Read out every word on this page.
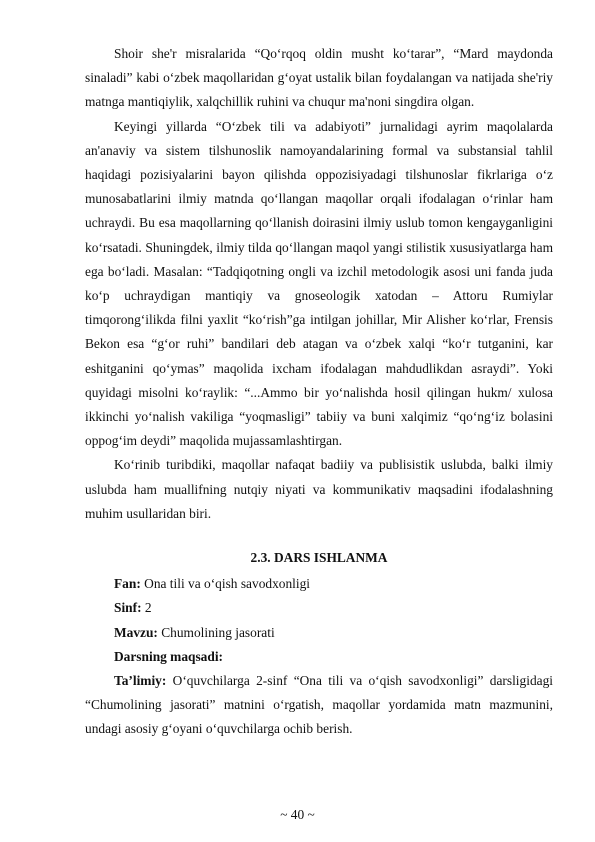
Shoir she'r misralarida “Qo‘rqoq oldin musht ko‘tarar”, “Mard maydonda sinaladi” kabi o‘zbek maqollaridan g‘oyat ustalik bilan foydalangan va natijada she'riy matnga mantiqiylik, xalqchillik ruhini va chuqur ma'noni singdira olgan.

Keyingi yillarda “O‘zbek tili va adabiyoti” jurnalidagi ayrim maqolalarda an'anaviy va sistem tilshunoslik namoyandalarining formal va substansial tahlil haqidagi pozisiyalarini bayon qilishda oppozisiyadagi tilshunoslar fikrlariga o‘z munosabatlarini ilmiy matnda qo‘llangan maqollar orqali ifodalagan o‘rinlar ham uchraydi. Bu esa maqollarning qo‘llanish doirasini ilmiy uslub tomon kengayganligini ko‘rsatadi. Shuningdek, ilmiy tilda qo‘llangan maqol yangi stilistik xususiyatlarga ham ega bo‘ladi. Masalan: “Tadqiqotning ongli va izchil metodologik asosi uni fanda juda ko‘p uchraydigan mantiqiy va gnoseologik xatodan – Attoru Rumiylar timqorong‘ilikda filni yaxlit “ko‘rish”ga intilgan johillar, Mir Alisher ko‘rlar, Frensis Bekon esa “g‘or ruhi” bandilari deb atagan va o‘zbek xalqi “ko‘r tutganini, kar eshitganini qo‘ymas” maqolida ixcham ifodalagan mahdudlikdan asraydi”. Yoki quyidagi misolni ko‘raylik: “...Ammo bir yo‘nalishda hosil qilingan hukm/ xulosa ikkinchi yo‘nalish vakiliga “yoqmasligi” tabiiy va buni xalqimiz “qo‘ng‘iz bolasini oppog‘im deydi” maqolida mujassamlashtirgan.

Ko‘rinib turibdiki, maqollar nafaqat badiiy va publisistik uslubda, balki ilmiy uslubda ham muallifning nutqiy niyati va kommunikativ maqsadini ifodalashning muhim usullaridan biri.

2.3. DARS ISHLANMA

Fan: Ona tili va o‘qish savodxonligi

Sinf: 2

Mavzu: Chumolining jasorati

Darsning maqsadi:

Ta’limiy: O‘quvchilarga 2-sinf “Ona tili va o‘qish savodxonligi” darsligidagi “Chumolining jasorati” matnini o‘rgatish, maqollar yordamida matn mazmunini, undagi asosiy g‘oyani o‘quvchilarga ochib berish.

~ 40 ~
